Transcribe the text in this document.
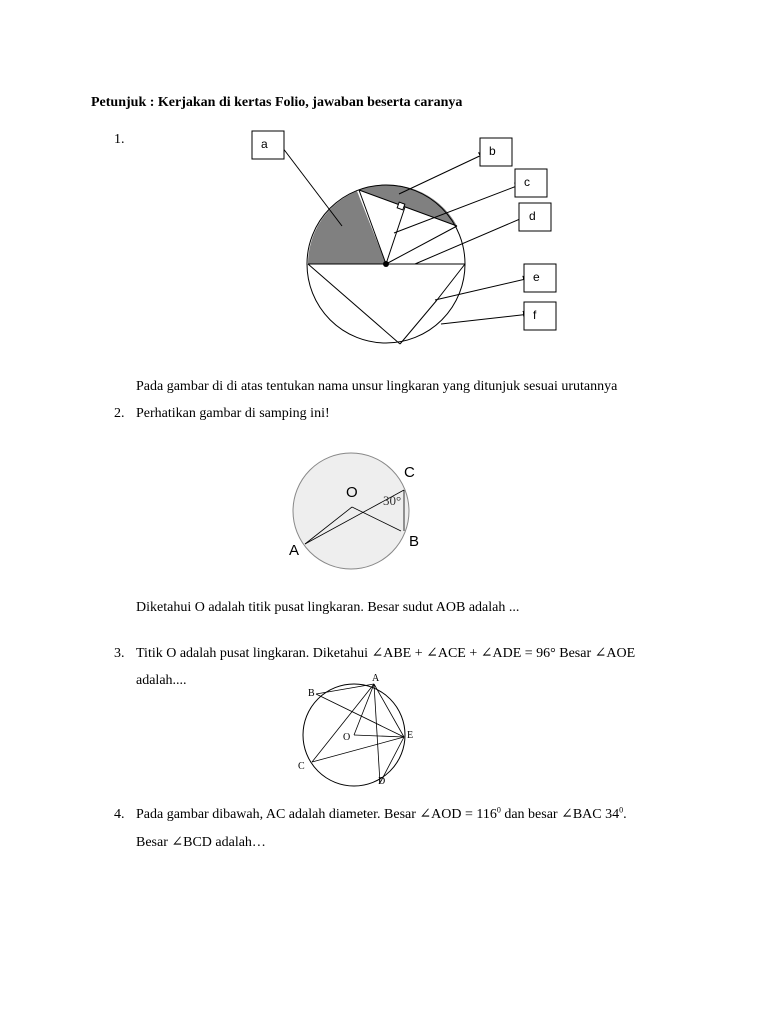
Petunjuk : Kerjakan di kertas Folio, jawaban beserta caranya
1.	a	b
c
d
e
f
Pada gambar di di atas tentukan nama unsur lingkaran yang ditunjuk sesuai urutannya
2. Perhatikan gambar di samping ini!
O
C
A
B
30°
Diketahui O adalah titik pusat lingkaran. Besar sudut AOB adalah ...
3. Titik O adalah pusat lingkaran. Diketahui ∠ABE + ∠ACE + ∠ADE = 96° Besar ∠AOE
adalah....	A
B
C
D
E
O
4. Pada gambar dibawah, AC adalah diameter. Besar ∠AOD = $116^0$ dan besar ∠BAC $34^0$.
Besar ∠BCD adalah…
